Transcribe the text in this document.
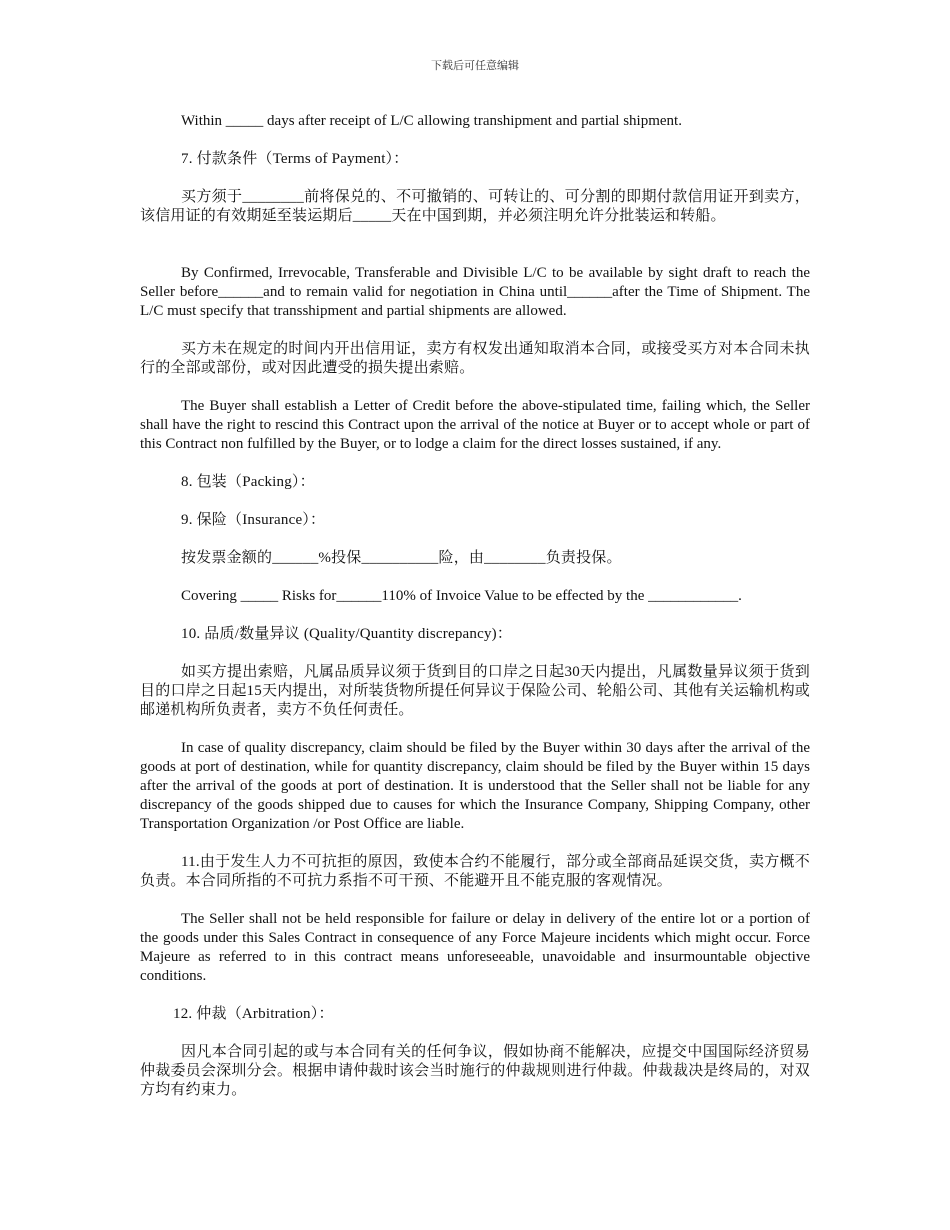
下载后可任意编辑

Within _____ days after receipt of L/C allowing transhipment and partial shipment.

7. 付款条件（Terms of Payment）：

买方须于________前将保兑的、不可撤销的、可转让的、可分割的即期付款信用证开到卖方，该信用证的有效期延至装运期后_____天在中国到期，并必须注明允许分批装运和转船。

By Confirmed, Irrevocable, Transferable and Divisible L/C to be available by sight draft to reach the Seller before______and to remain valid for negotiation in China until______after the Time of Shipment. The L/C must specify that transshipment and partial shipments are allowed.

买方未在规定的时间内开出信用证，卖方有权发出通知取消本合同，或接受买方对本合同未执行的全部或部份，或对因此遭受的损失提出索赔。

The Buyer shall establish a Letter of Credit before the above-stipulated time, failing which, the Seller shall have the right to rescind this Contract upon the arrival of the notice at Buyer or to accept whole or part of this Contract non fulfilled by the Buyer, or to lodge a claim for the direct losses sustained, if any.

8. 包装（Packing）：

9. 保险（Insurance）：

按发票金额的______%投保__________险，由________负责投保。

Covering _____ Risks for______110% of Invoice Value to be effected by the ____________.

10. 品质/数量异议 (Quality/Quantity discrepancy)：

如买方提出索赔，凡属品质异议须于货到目的口岸之日起30天内提出，凡属数量异议须于货到目的口岸之日起15天内提出，对所装货物所提任何异议于保险公司、轮船公司、其他有关运输机构或邮递机构所负责者，卖方不负任何责任。

In case of quality discrepancy, claim should be filed by the Buyer within 30 days after the arrival of the goods at port of destination, while for quantity discrepancy, claim should be filed by the Buyer within 15 days after the arrival of the goods at port of destination. It is understood that the Seller shall not be liable for any discrepancy of the goods shipped due to causes for which the Insurance Company, Shipping Company, other Transportation Organization /or Post Office are liable.

11.由于发生人力不可抗拒的原因，致使本合约不能履行，部分或全部商品延误交货，卖方概不负责。本合同所指的不可抗力系指不可干预、不能避开且不能克服的客观情况。

The Seller shall not be held responsible for failure or delay in delivery of the entire lot or a portion of the goods under this Sales Contract in consequence of any Force Majeure incidents which might occur. Force Majeure as referred to in this contract means unforeseeable, unavoidable and insurmountable objective conditions.

12. 仲裁（Arbitration）：

因凡本合同引起的或与本合同有关的任何争议，假如协商不能解决，应提交中国国际经济贸易仲裁委员会深圳分会。根据申请仲裁时该会当时施行的仲裁规则进行仲裁。仲裁裁决是终局的，对双方均有约束力。
